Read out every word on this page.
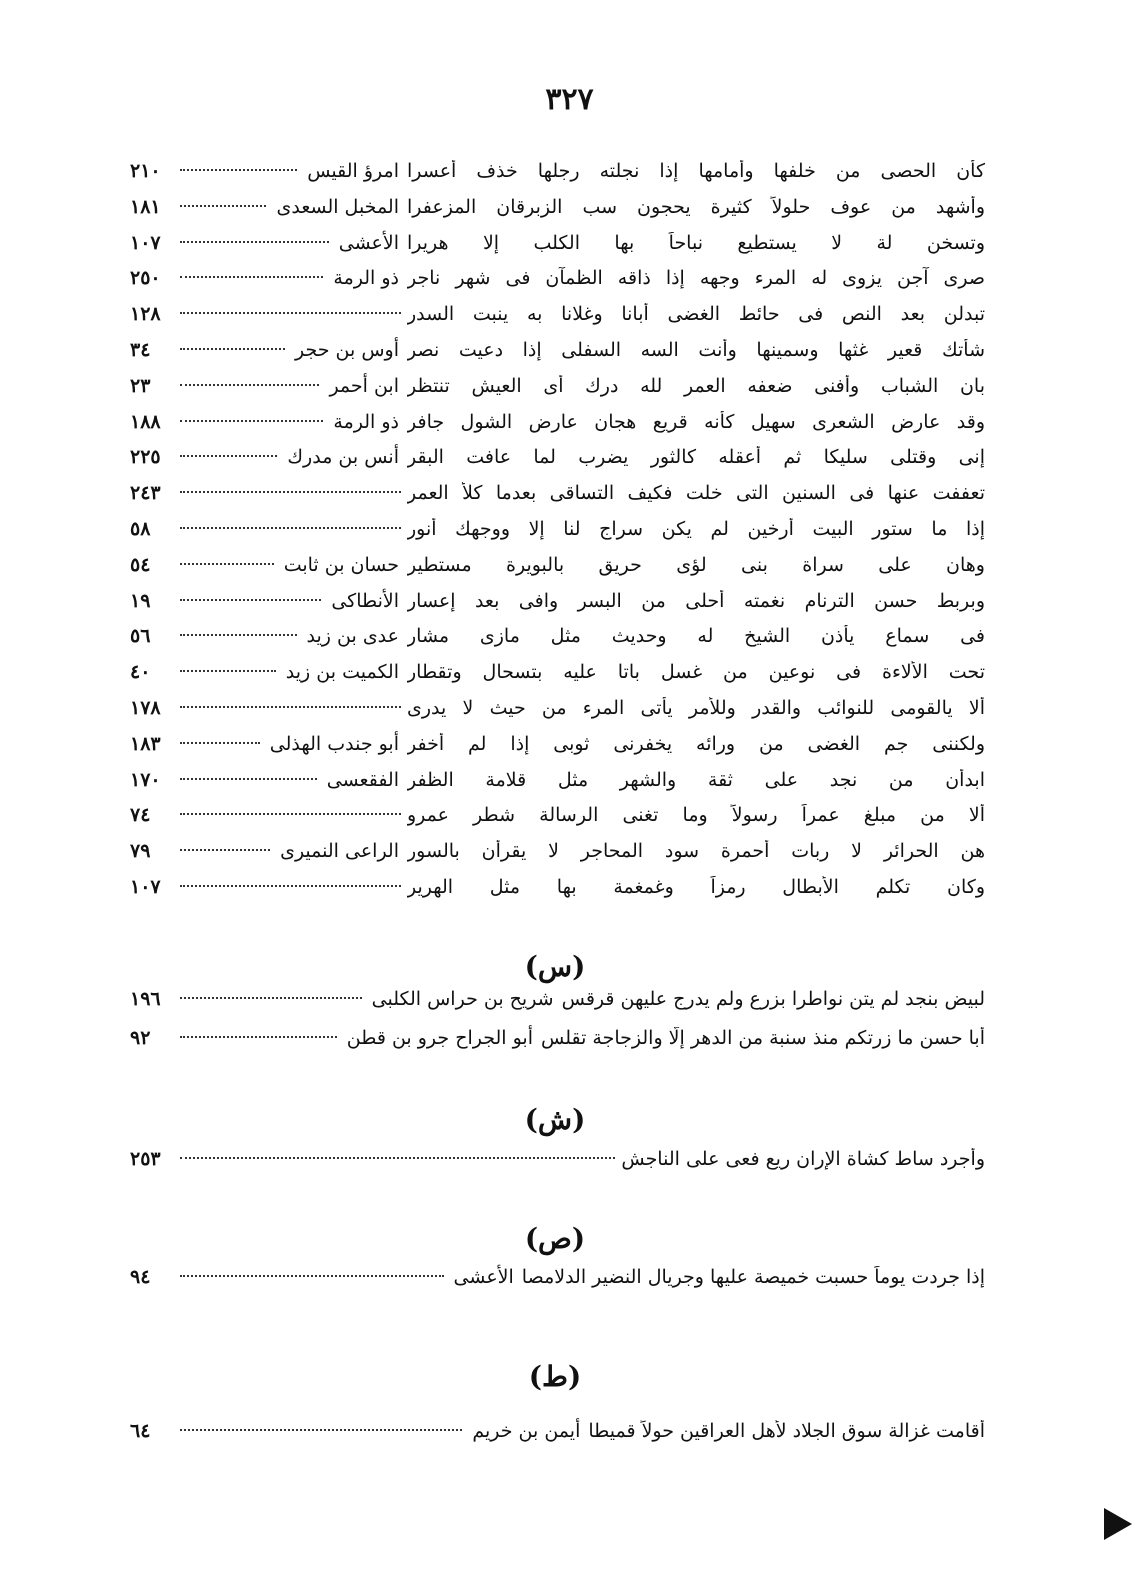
٣٢٧
كأن الحصى من خلفها وأمامها إذا نجلته رجلها خذف أعسرا
امرؤ القيس
٢١٠
وأشهد من عوف حلولاً كثيرة يحجون سب الزبرقان المزعفرا
المخبل السعدى
١٨١
وتسخن لة لا يستطيع نباحاً بها الكلب إلا هريرا
الأعشى
١٠٧
صرى آجن يزوى له المرء وجهه إذا ذاقه الظمآن فى شهر ناجر
ذو الرمة
٢٥٠
تبدلن بعد النص فى حائط الغضى أبانا وغلانا به ينبت السدر
١٢٨
شأتك قعير غثها وسمينها وأنت السه السفلى إذا دعيت نصر
أوس بن حجر
٣٤
بان الشباب وأفنى ضعفه العمر لله درك أى العيش تنتظر
ابن أحمر
٢٣
وقد عارض الشعرى سهيل كأنه قريع هجان عارض الشول جافر
ذو الرمة
١٨٨
إنى وقتلى سليكا ثم أعقله كالثور يضرب لما عافت البقر
أنس بن مدرك
٢٢٥
تعففت عنها فى السنين التى خلت فكيف التساقى بعدما كلأ العمر
٢٤٣
إذا ما ستور البيت أرخين لم يكن سراج لنا إلا ووجهك أنور
٥٨
وهان على سراة بنى لؤى حريق بالبويرة مستطير
حسان بن ثابت
٥٤
وبربط حسن الترنام نغمته أحلى من البسر وافى بعد إعسار
الأنطاكى
١٩
فى سماع يأذن الشيخ له وحديث مثل مازى مشار
عدى بن زيد
٥٦
تحت الألاءة فى نوعين من غسل باتا عليه بتسحال وتقطار
الكميت بن زيد
٤٠
ألا يالقومى للنوائب والقدر وللأمر يأتى المرء من حيث لا يدرى
١٧٨
ولكننى جم الغضى من ورائه يخفرنى ثوبى إذا لم أخفر
أبو جندب الهذلى
١٨٣
ابدأن من نجد على ثقة والشهر مثل قلامة الظفر
الفقعسى
١٧٠
ألا من مبلغ عمراً رسولاً وما تغنى الرسالة شطر عمرو
٧٤
هن الحرائر لا ربات أحمرة سود المحاجر لا يقرأن بالسور
الراعى النميرى
٧٩
وكان تكلم الأبطال رمزاً وغمغمة بها مثل الهرير
١٠٧
(س)
لبيض بنجد لم يتن نواطرا بزرع ولم يدرج عليهن قرقس
شريح بن حراس الكلبى
١٩٦
أبا حسن ما زرتكم منذ سنبة من الدهر إلّا والزجاجة تقلس
أبو الجراح جرو بن قطن
٩٢
(ش)
وأجرد ساط كشاة الإران ريع فعى على الناجش
٢٥٣
(ص)
إذا جردت يوماً حسبت خميصة عليها وجريال النضير الدلامصا
الأعشى
٩٤
(ط)
أقامت غزالة سوق الجلاد لأهل العراقين حولاً قميطا
أيمن بن خريم
٦٤
